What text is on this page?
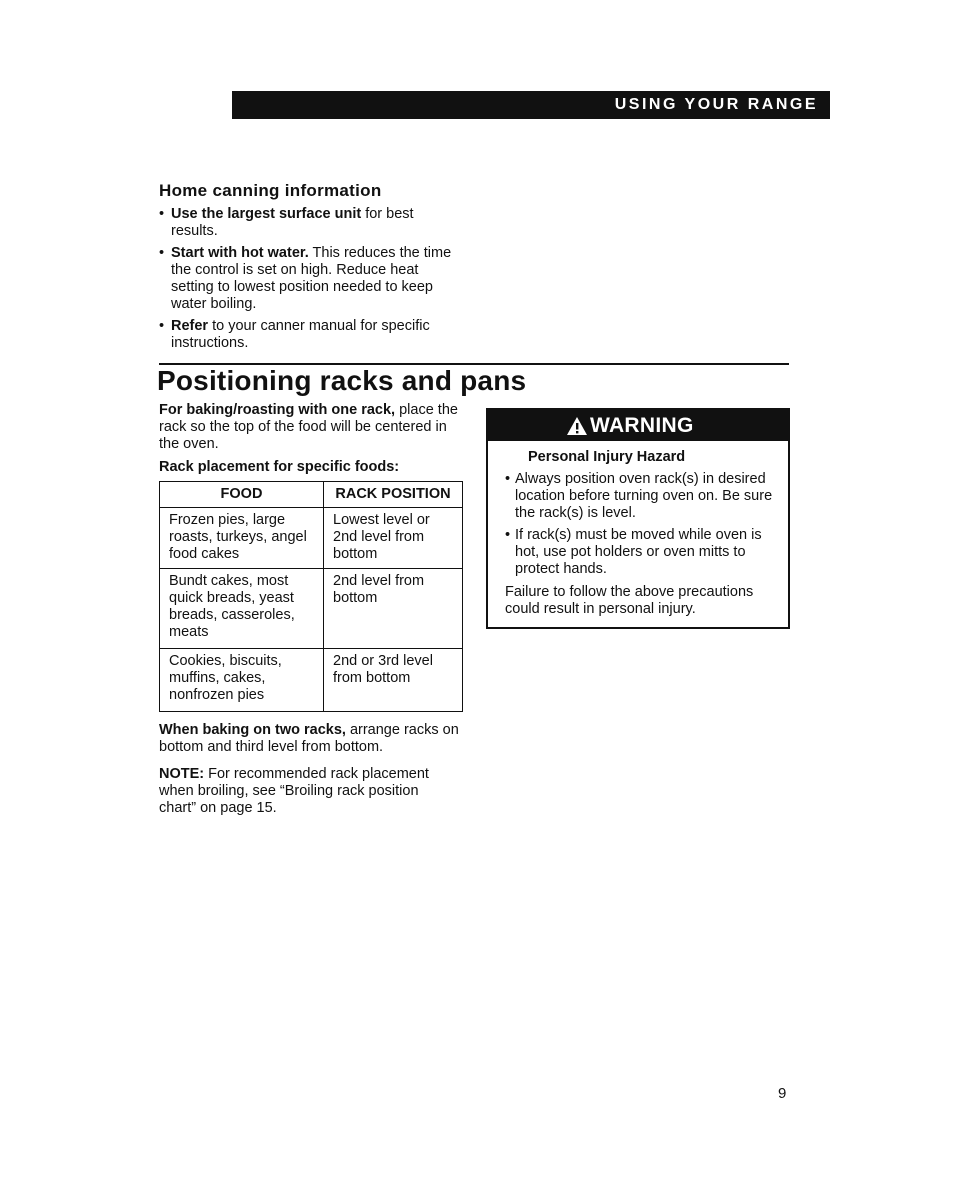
USING YOUR RANGE
Home canning information
• Use the largest surface unit for best results.
• Start with hot water. This reduces the time the control is set on high. Reduce heat setting to lowest position needed to keep water boiling.
• Refer to your canner manual for specific instructions.
Positioning racks and pans

For baking/roasting with one rack, place the rack so the top of the food will be centered in the oven.

Rack placement for specific foods:

FOOD	RACK POSITION
Frozen pies, large roasts, turkeys, angel food cakes	Lowest level or 2nd level from bottom
Bundt cakes, most quick breads, yeast breads, casseroles, meats	2nd level from bottom
Cookies, biscuits, muffins, cakes, nonfrozen pies	2nd or 3rd level from bottom

When baking on two racks, arrange racks on bottom and third level from bottom.

NOTE: For recommended rack placement when broiling, see “Broiling rack position chart” on page 15.

WARNING

Personal Injury Hazard

• Always position oven rack(s) in desired location before turning oven on. Be sure the rack(s) is level.
• If rack(s) must be moved while oven is hot, use pot holders or oven mitts to protect hands.

Failure to follow the above precautions could result in personal injury.

9
